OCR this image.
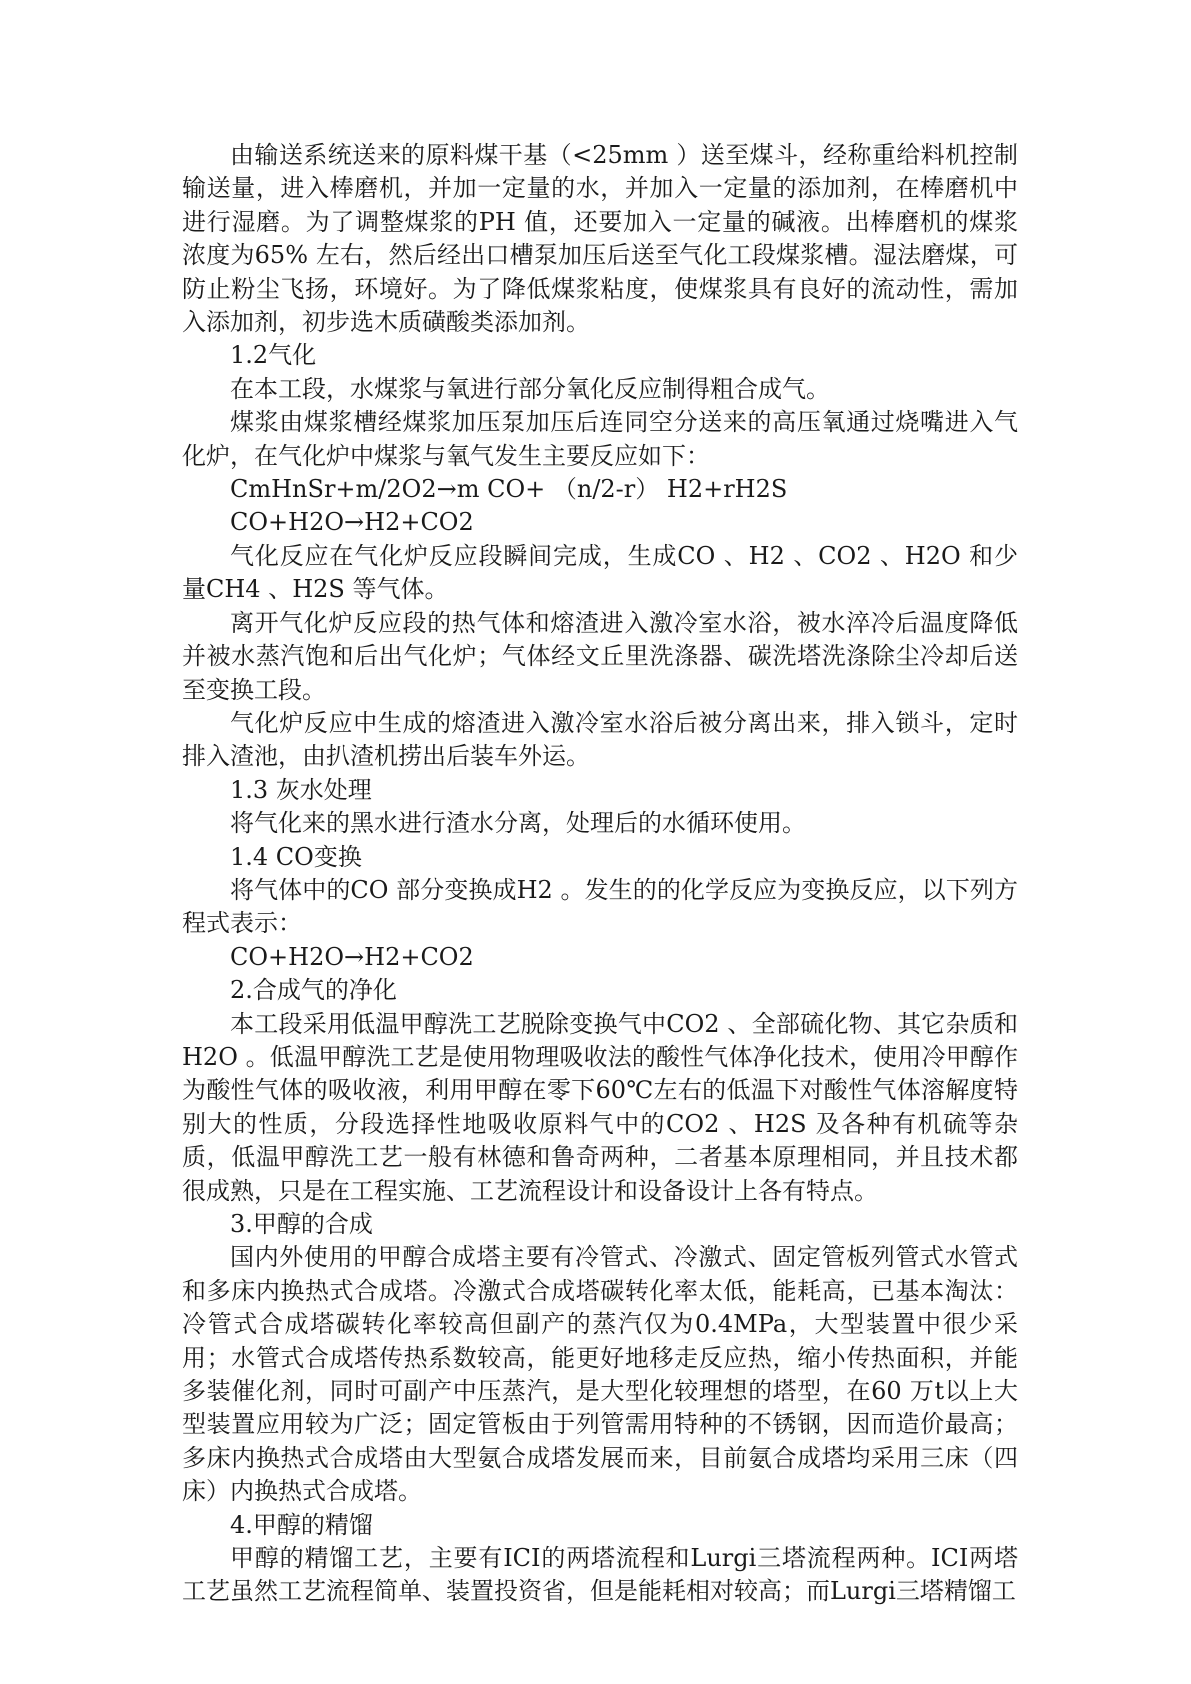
由输送系统送来的原料煤干基（<25mm ）送至煤斗，经称重给料机控制输送量，进入棒磨机，并加一定量的水，并加入一定量的添加剂，在棒磨机中进行湿磨。为了调整煤浆的PH 值，还要加入一定量的碱液。出棒磨机的煤浆浓度为65% 左右，然后经出口槽泵加压后送至气化工段煤浆槽。湿法磨煤，可防止粉尘飞扬，环境好。为了降低煤浆粘度，使煤浆具有良好的流动性，需加入添加剂，初步选木质磺酸类添加剂。

1.2气化

在本工段，水煤浆与氧进行部分氧化反应制得粗合成气。

煤浆由煤浆槽经煤浆加压泵加压后连同空分送来的高压氧通过烧嘴进入气化炉，在气化炉中煤浆与氧气发生主要反应如下：

CmHnSr+m/2O2→m CO+ （n/2-r） H2+rH2S

CO+H2O→H2+CO2

气化反应在气化炉反应段瞬间完成，生成CO 、H2 、CO2 、H2O 和少量CH4 、H2S 等气体。

离开气化炉反应段的热气体和熔渣进入激冷室水浴，被水淬冷后温度降低并被水蒸汽饱和后出气化炉；气体经文丘里洗涤器、碳洗塔洗涤除尘冷却后送至变换工段。

气化炉反应中生成的熔渣进入激冷室水浴后被分离出来，排入锁斗，定时排入渣池，由扒渣机捞出后装车外运。

1.3 灰水处理

将气化来的黑水进行渣水分离，处理后的水循环使用。

1.4 CO变换

将气体中的CO 部分变换成H2 。发生的的化学反应为变换反应，以下列方程式表示：

CO+H2O→H2+CO2

2.合成气的净化

本工段采用低温甲醇洗工艺脱除变换气中CO2 、全部硫化物、其它杂质和H2O 。低温甲醇洗工艺是使用物理吸收法的酸性气体净化技术，使用冷甲醇作为酸性气体的吸收液，利用甲醇在零下60℃左右的低温下对酸性气体溶解度特别大的性质，分段选择性地吸收原料气中的CO2 、H2S 及各种有机硫等杂质，低温甲醇洗工艺一般有林德和鲁奇两种，二者基本原理相同，并且技术都很成熟，只是在工程实施、工艺流程设计和设备设计上各有特点。

3.甲醇的合成

国内外使用的甲醇合成塔主要有冷管式、冷激式、固定管板列管式水管式和多床内换热式合成塔。冷激式合成塔碳转化率太低，能耗高，已基本淘汰：冷管式合成塔碳转化率较高但副产的蒸汽仅为0.4MPa，大型装置中很少采用；水管式合成塔传热系数较高，能更好地移走反应热，缩小传热面积，并能多装催化剂，同时可副产中压蒸汽，是大型化较理想的塔型，在60 万t以上大型装置应用较为广泛；固定管板由于列管需用特种的不锈钢，因而造价最高；多床内换热式合成塔由大型氨合成塔发展而来，目前氨合成塔均采用三床（四床）内换热式合成塔。

4.甲醇的精馏

甲醇的精馏工艺，主要有ICI的两塔流程和Lurgi三塔流程两种。ICI两塔工艺虽然工艺流程简单、装置投资省，但是能耗相对较高；而Lurgi三塔精馏工
